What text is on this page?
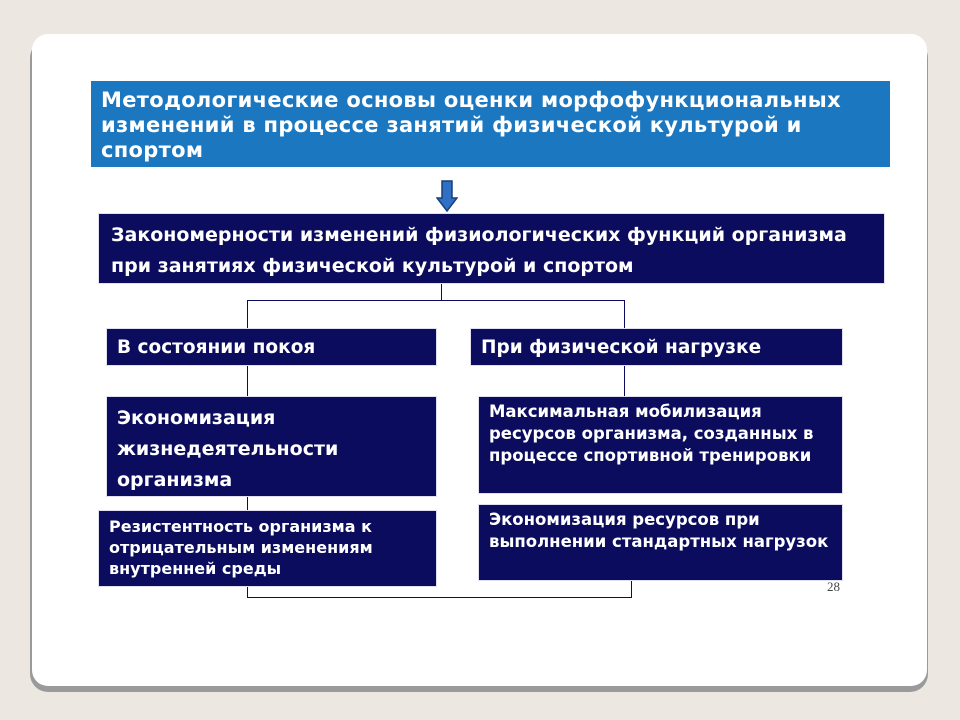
Методологические основы оценки морфофункциональных изменений в процессе занятий физической культурой и спортом
Закономерности изменений физиологических функций организма при занятиях физической культурой и спортом
В состоянии покоя	При физической нагрузке
Экономизация жизнедеятельности организма
Максимальная мобилизация ресурсов организма, созданных в процессе спортивной тренировки
Резистентность организма к отрицательным изменениям внутренней среды
Экономизация ресурсов при выполнении стандартных нагрузок
28
